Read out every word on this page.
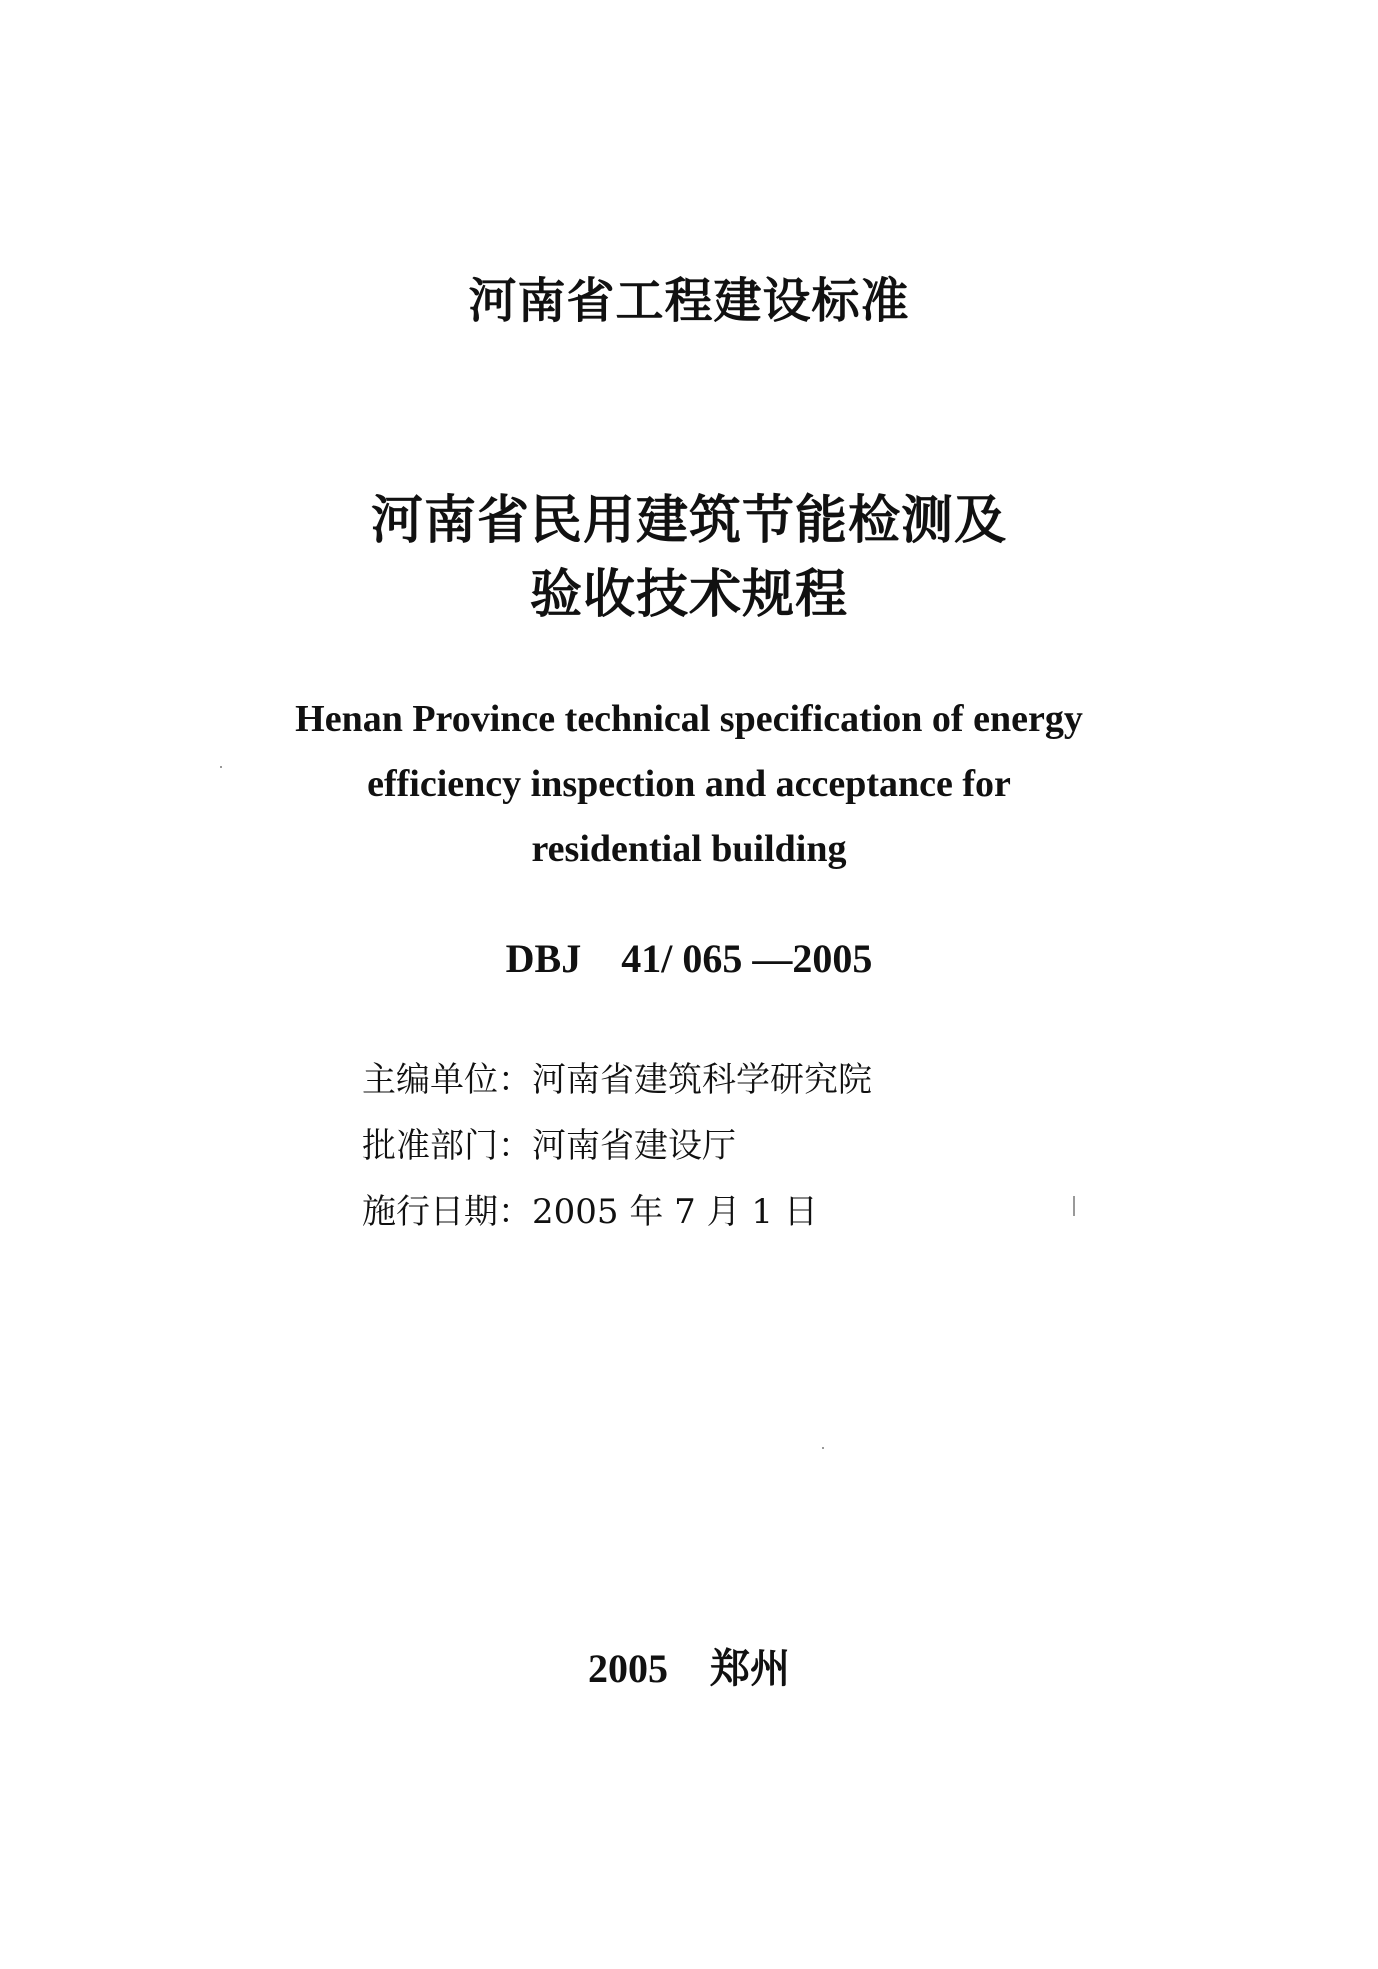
河南省工程建设标准
河南省民用建筑节能检测及
验收技术规程
Henan Province technical specification of energy
efficiency inspection and acceptance for
residential building
DBJ 41/ 065 —2005
主编单位：河南省建筑科学研究院
批准部门：河南省建设厅
施行日期：2005 年 7 月 1 日
2005 郑州
